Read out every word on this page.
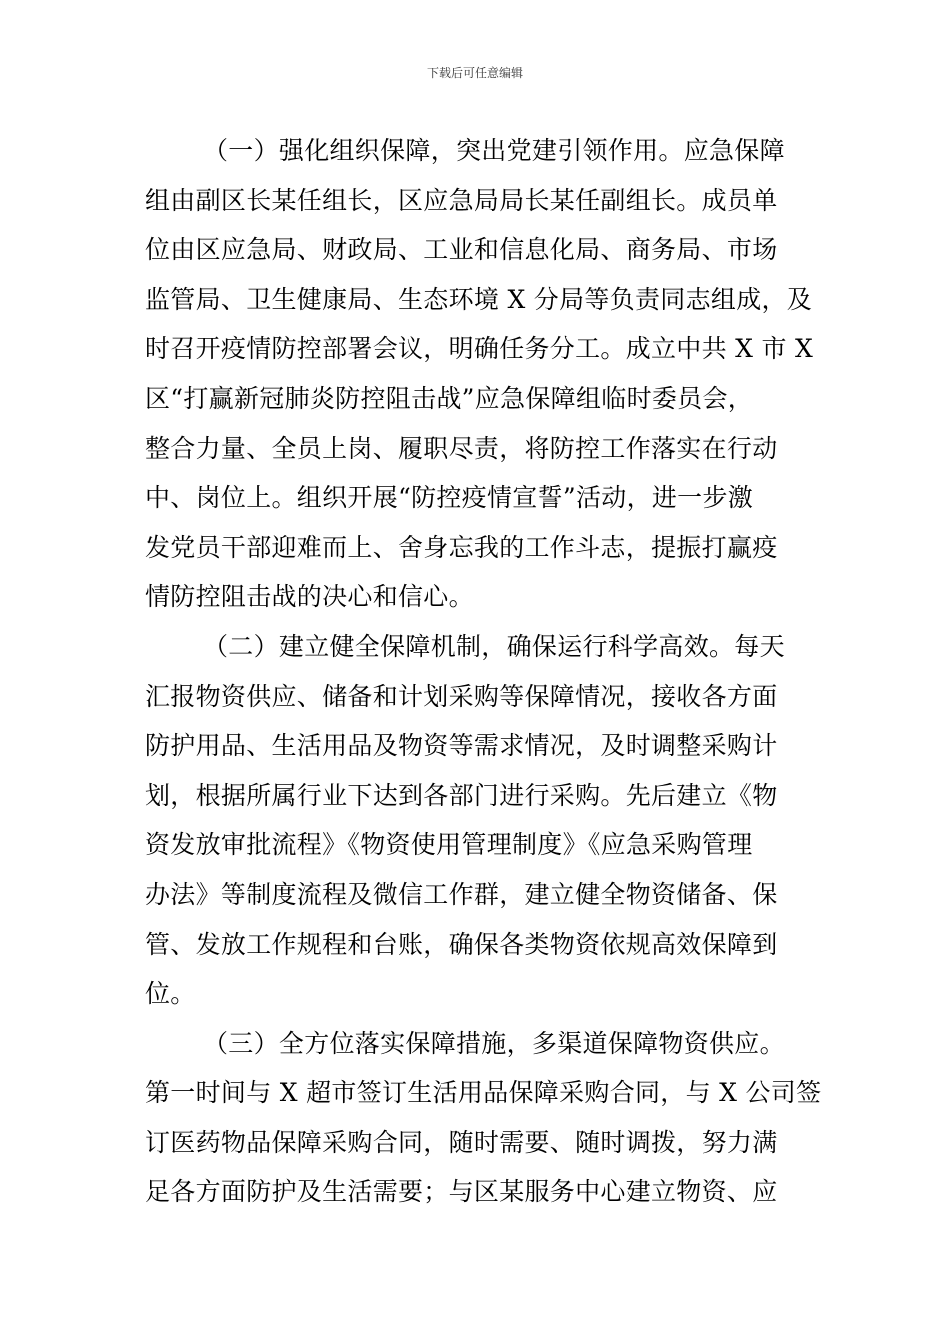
下载后可任意编辑
（一）强化组织保障，突出党建引领作用。应急保障
组由副区长某任组长，区应急局局长某任副组长。成员单
位由区应急局、财政局、工业和信息化局、商务局、市场
监管局、卫生健康局、生态环境 X 分局等负责同志组成，及
时召开疫情防控部署会议，明确任务分工。成立中共 X 市 X
区“打赢新冠肺炎防控阻击战”应急保障组临时委员会，
整合力量、全员上岗、履职尽责，将防控工作落实在行动
中、岗位上。组织开展“防控疫情宣誓”活动，进一步激
发党员干部迎难而上、舍身忘我的工作斗志，提振打赢疫
情防控阻击战的决心和信心。
（二）建立健全保障机制，确保运行科学高效。每天
汇报物资供应、储备和计划采购等保障情况，接收各方面
防护用品、生活用品及物资等需求情况，及时调整采购计
划，根据所属行业下达到各部门进行采购。先后建立《物
资发放审批流程》《物资使用管理制度》《应急采购管理
办法》等制度流程及微信工作群，建立健全物资储备、保
管、发放工作规程和台账，确保各类物资依规高效保障到
位。
（三）全方位落实保障措施，多渠道保障物资供应。
第一时间与 X 超市签订生活用品保障采购合同，与 X 公司签
订医药物品保障采购合同，随时需要、随时调拨，努力满
足各方面防护及生活需要；与区某服务中心建立物资、应
